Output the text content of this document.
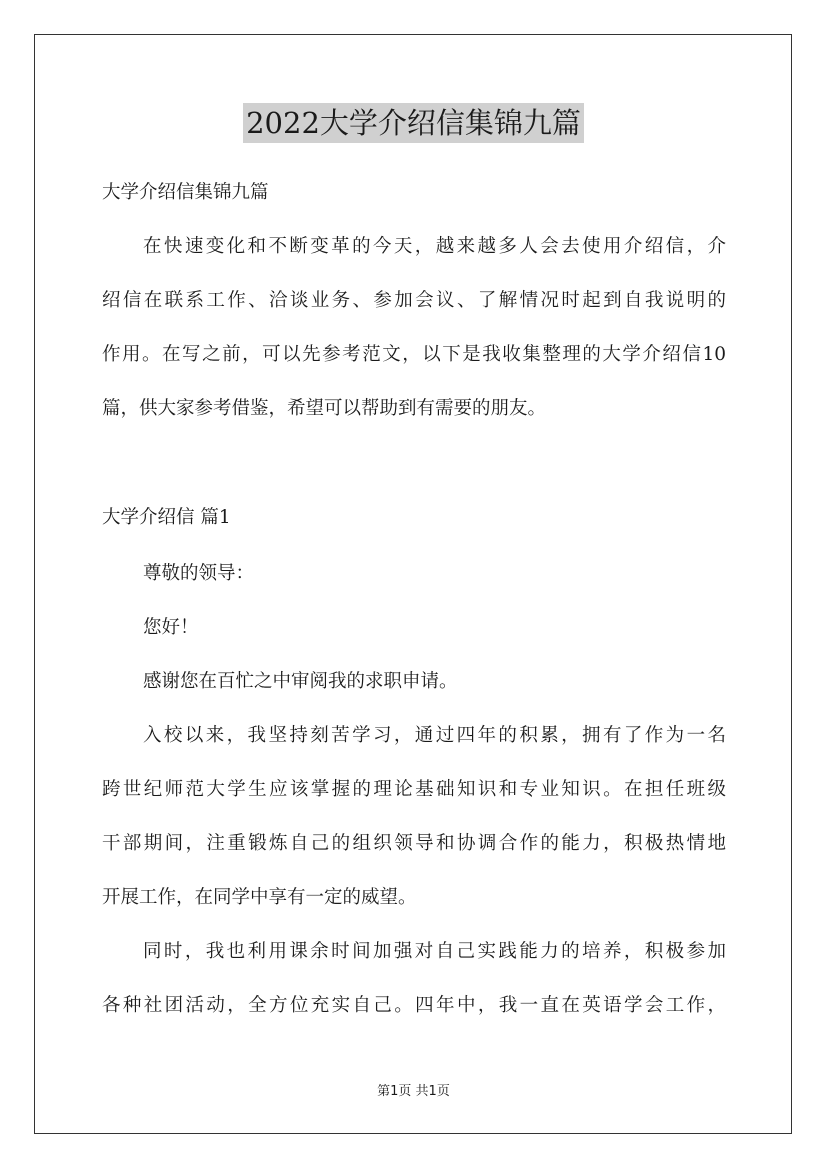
2022大学介绍信集锦九篇
大学介绍信集锦九篇
在快速变化和不断变革的今天，越来越多人会去使用介绍信，介
绍信在联系工作、洽谈业务、参加会议、了解情况时起到自我说明的
作用。在写之前，可以先参考范文，以下是我收集整理的大学介绍信10
篇，供大家参考借鉴，希望可以帮助到有需要的朋友。
大学介绍信 篇1
尊敬的领导：
您好！
感谢您在百忙之中审阅我的求职申请。
入校以来，我坚持刻苦学习，通过四年的积累，拥有了作为一名
跨世纪师范大学生应该掌握的理论基础知识和专业知识。在担任班级
干部期间，注重锻炼自己的组织领导和协调合作的能力，积极热情地
开展工作，在同学中享有一定的威望。
同时，我也利用课余时间加强对自己实践能力的培养，积极参加
各种社团活动，全方位充实自己。四年中，我一直在英语学会工作，
第1页 共1页
